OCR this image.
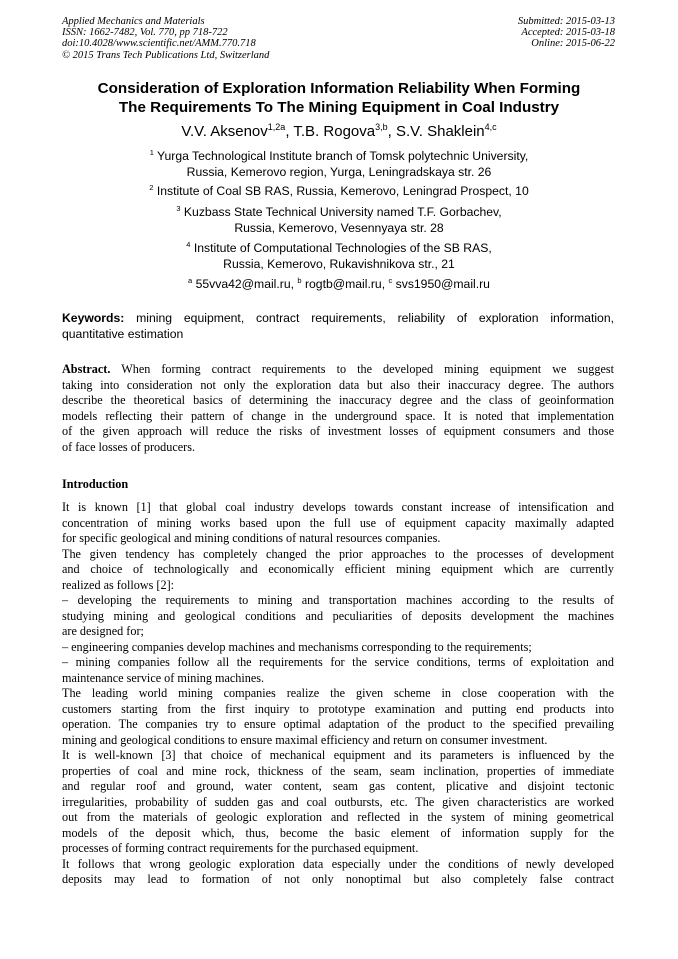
Applied Mechanics and Materials
ISSN: 1662-7482, Vol. 770, pp 718-722
doi:10.4028/www.scientific.net/AMM.770.718
© 2015 Trans Tech Publications Ltd, Switzerland
Submitted: 2015-03-13
Accepted: 2015-03-18
Online: 2015-06-22
Consideration of Exploration Information Reliability When Forming
The Requirements To The Mining Equipment in Coal Industry
V.V. Aksenov$^{1,2a}$, T.B. Rogova$^{3,b}$, S.V. Shaklein$^{4,c}$
$^1$ Yurga Technological Institute branch of Tomsk polytechnic University,
Russia, Kemerovo region, Yurga, Leningradskaya str. 26
$^2$ Institute of Coal SB RAS, Russia, Kemerovo, Leningrad Prospect, 10
$^3$ Kuzbass State Technical University named T.F. Gorbachev,
Russia, Kemerovo, Vesennyaya str. 28
$^4$ Institute of Computational Technologies of the SB RAS,
Russia, Kemerovo, Rukavishnikova str., 21
$^a$ 55vva42@mail.ru, $^b$ rogtb@mail.ru, $^c$ svs1950@mail.ru
Keywords: mining equipment, contract requirements, reliability of exploration information,
quantitative estimation
Abstract. When forming contract requirements to the developed mining equipment we suggest
taking into consideration not only the exploration data but also their inaccuracy degree. The authors
describe the theoretical basics of determining the inaccuracy degree and the class of geoinformation
models reflecting their pattern of change in the underground space. It is noted that implementation
of the given approach will reduce the risks of investment losses of equipment consumers and those
of face losses of producers.
Introduction
It is known [1] that global coal industry develops towards constant increase of intensification and
concentration of mining works based upon the full use of equipment capacity maximally adapted
for specific geological and mining conditions of natural resources companies.
The given tendency has completely changed the prior approaches to the processes of development
and choice of technologically and economically efficient mining equipment which are currently
realized as follows [2]:
– developing the requirements to mining and transportation machines according to the results of
studying mining and geological conditions and peculiarities of deposits development the machines
are designed for;
– engineering companies develop machines and mechanisms corresponding to the requirements;
– mining companies follow all the requirements for the service conditions, terms of exploitation and
maintenance service of mining machines.
The leading world mining companies realize the given scheme in close cooperation with the
customers starting from the first inquiry to prototype examination and putting end products into
operation. The companies try to ensure optimal adaptation of the product to the specified prevailing
mining and geological conditions to ensure maximal efficiency and return on consumer investment.
It is well-known [3] that choice of mechanical equipment and its parameters is influenced by the
properties of coal and mine rock, thickness of the seam, seam inclination, properties of immediate
and regular roof and ground, water content, seam gas content, plicative and disjoint tectonic
irregularities, probability of sudden gas and coal outbursts, etc. The given characteristics are worked
out from the materials of geologic exploration and reflected in the system of mining geometrical
models of the deposit which, thus, become the basic element of information supply for the
processes of forming contract requirements for the purchased equipment.
It follows that wrong geologic exploration data especially under the conditions of newly developed
deposits may lead to formation of not only nonoptimal but also completely false contract
